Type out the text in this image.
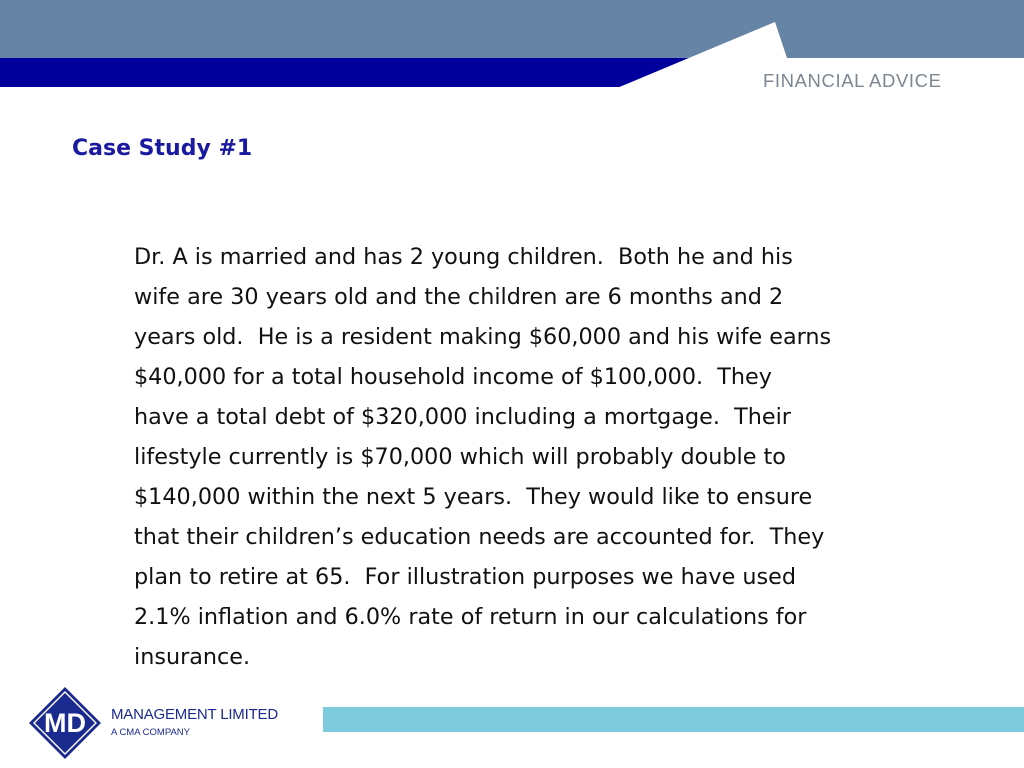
FINANCIAL ADVICE
Case Study #1
Dr. A is married and has 2 young children.  Both he and his
wife are 30 years old and the children are 6 months and 2
years old.  He is a resident making $60,000 and his wife earns
$40,000 for a total household income of $100,000.  They
have a total debt of $320,000 including a mortgage.  Their
lifestyle currently is $70,000 which will probably double to
$140,000 within the next 5 years.  They would like to ensure
that their children’s education needs are accounted for.  They
plan to retire at 65.  For illustration purposes we have used
2.1% inflation and 6.0% rate of return in our calculations for
insurance.
MD MANAGEMENT LIMITED
A CMA COMPANY
